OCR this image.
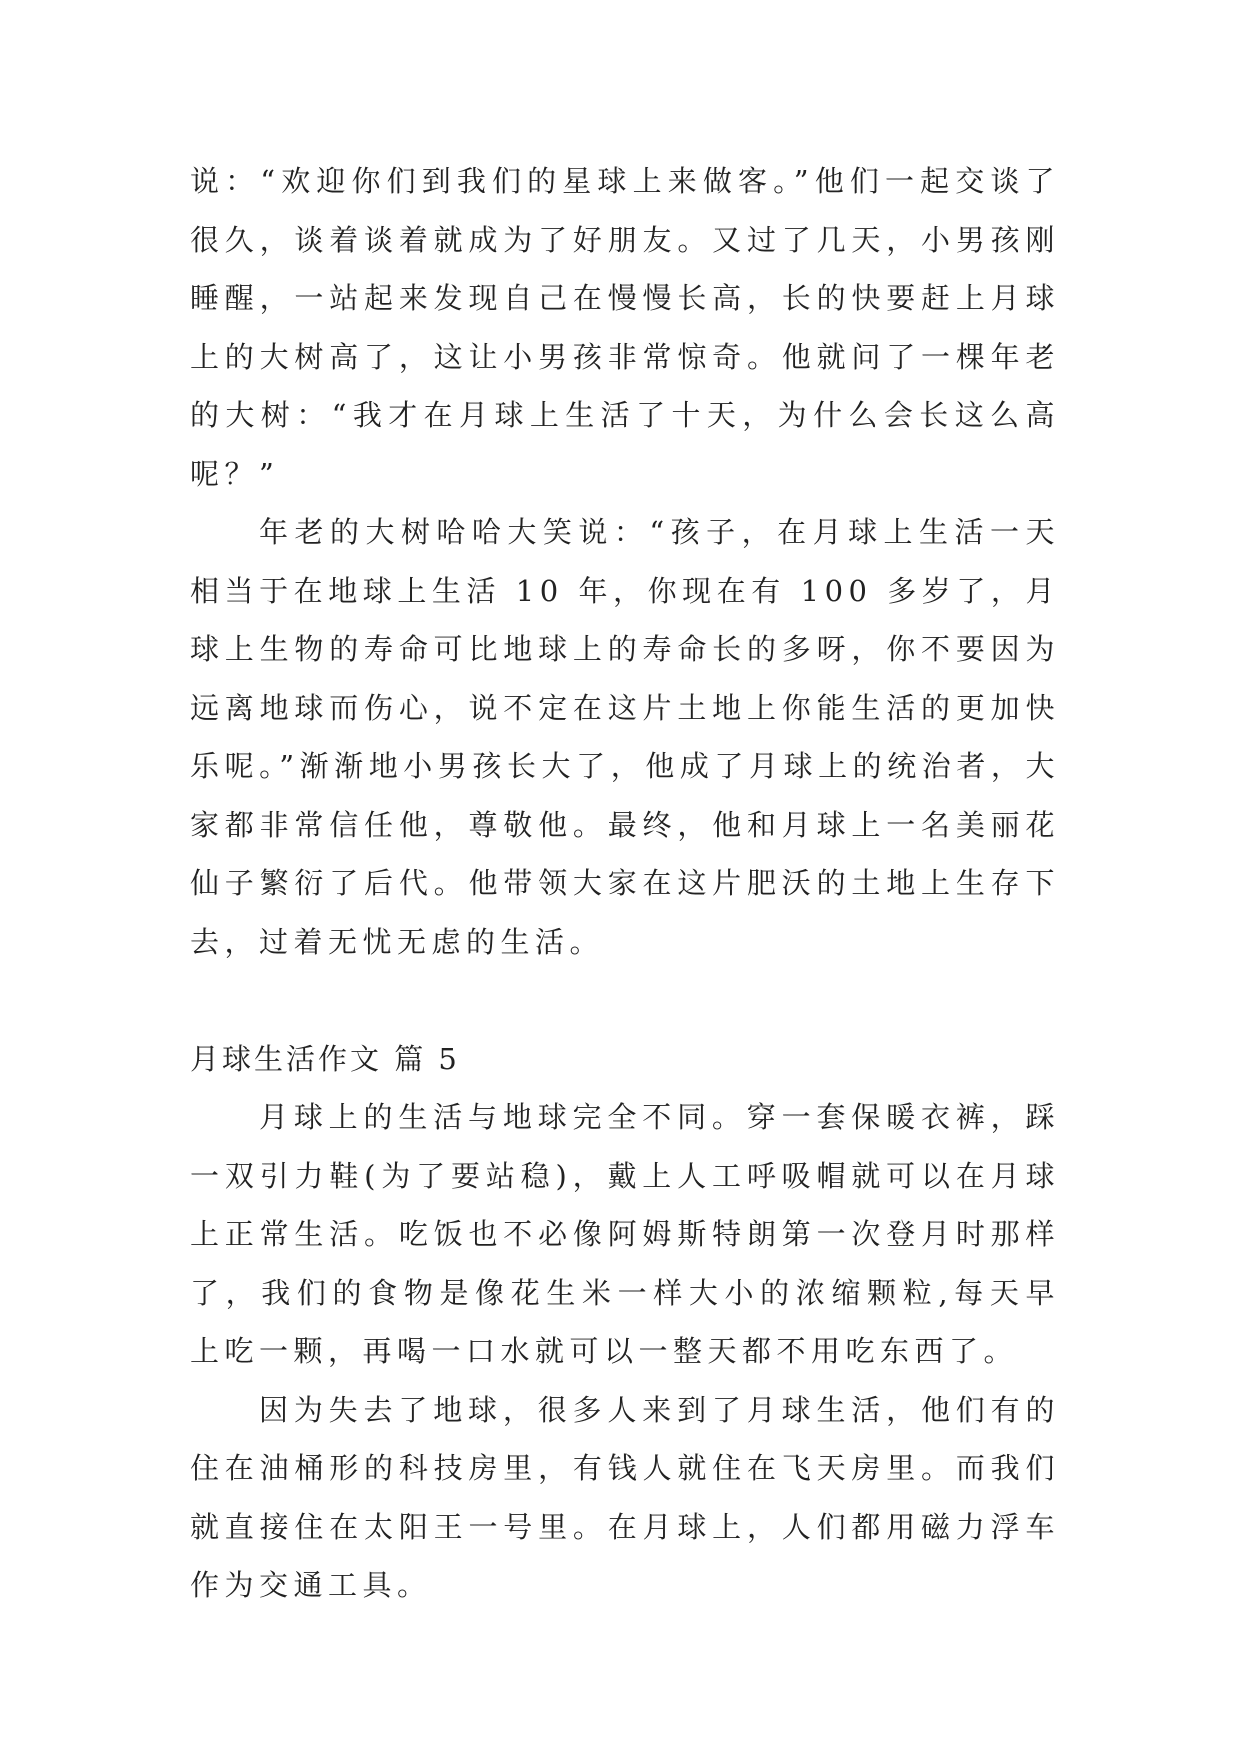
说：“欢迎你们到我们的星球上来做客。”他们一起交谈了很久，谈着谈着就成为了好朋友。又过了几天，小男孩刚睡醒，一站起来发现自己在慢慢长高，长的快要赶上月球上的大树高了，这让小男孩非常惊奇。他就问了一棵年老的大树：“我才在月球上生活了十天，为什么会长这么高呢？”

年老的大树哈哈大笑说：“孩子，在月球上生活一天相当于在地球上生活 10 年，你现在有 100 多岁了，月球上生物的寿命可比地球上的寿命长的多呀，你不要因为远离地球而伤心，说不定在这片土地上你能生活的更加快乐呢。”渐渐地小男孩长大了，他成了月球上的统治者，大家都非常信任他，尊敬他。最终，他和月球上一名美丽花仙子繁衍了后代。他带领大家在这片肥沃的土地上生存下去，过着无忧无虑的生活。

月球生活作文 篇 5

月球上的生活与地球完全不同。穿一套保暖衣裤，踩一双引力鞋(为了要站稳)，戴上人工呼吸帽就可以在月球上正常生活。吃饭也不必像阿姆斯特朗第一次登月时那样了，我们的食物是像花生米一样大小的浓缩颗粒,每天早上吃一颗，再喝一口水就可以一整天都不用吃东西了。

因为失去了地球，很多人来到了月球生活，他们有的住在油桶形的科技房里，有钱人就住在飞天房里。而我们就直接住在太阳王一号里。在月球上，人们都用磁力浮车作为交通工具。
